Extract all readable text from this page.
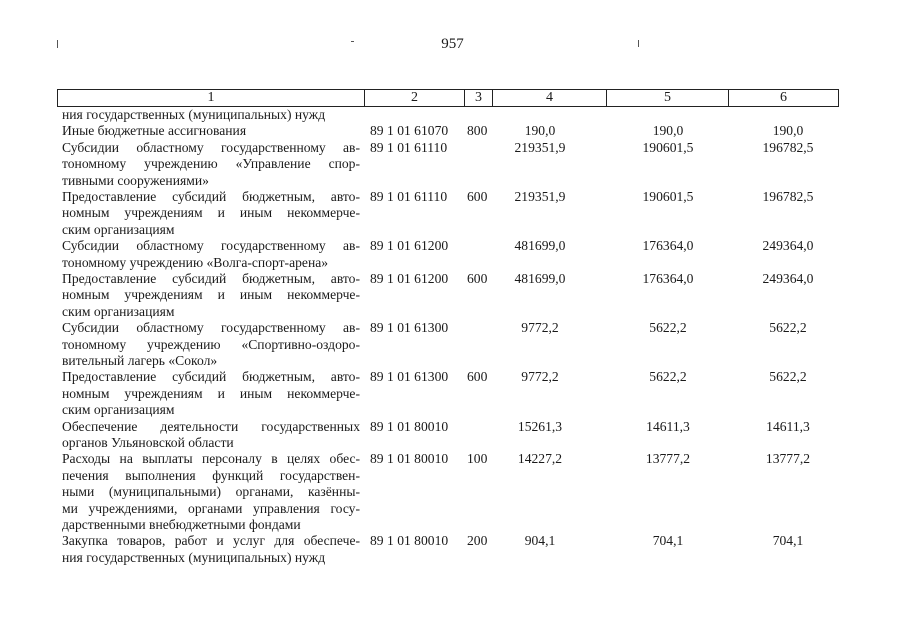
957
1	2	3	4	5	6
ния государственных (муниципальных) нужд
Иные бюджетные ассигнования	89 1 01 61070 800	190,0	190,0	190,0
Субсидии областному государственному ав-
тономному учреждению «Управление спор-
тивными сооружениями»
89 1 01 61110	219351,9	190601,5	196782,5
Предоставление субсидий бюджетным, авто-
номным учреждениям и иным некоммерче-
ским организациям
89 1 01 61110 600	219351,9	190601,5	196782,5
Субсидии областному государственному ав-
тономному учреждению «Волга-спорт-арена»
89 1 01 61200	481699,0	176364,0	249364,0
Предоставление субсидий бюджетным, авто-
номным учреждениям и иным некоммерче-
ским организациям
89 1 01 61200 600	481699,0	176364,0	249364,0
Субсидии областному государственному ав-
тономному учреждению «Спортивно-оздоро-
вительный лагерь «Сокол»
89 1 01 61300	9772,2	5622,2	5622,2
Предоставление субсидий бюджетным, авто-
номным учреждениям и иным некоммерче-
ским организациям
89 1 01 61300 600	9772,2	5622,2	5622,2
Обеспечение деятельности государственных
органов Ульяновской области
89 1 01 80010	15261,3	14611,3	14611,3
Расходы на выплаты персоналу в целях обес-
печения выполнения функций государствен-
ными (муниципальными) органами, казённы-
ми учреждениями, органами управления госу-
дарственными внебюджетными фондами
89 1 01 80010 100	14227,2	13777,2	13777,2
Закупка товаров, работ и услуг для обеспече-
ния государственных (муниципальных) нужд
89 1 01 80010 200	904,1	704,1	704,1
